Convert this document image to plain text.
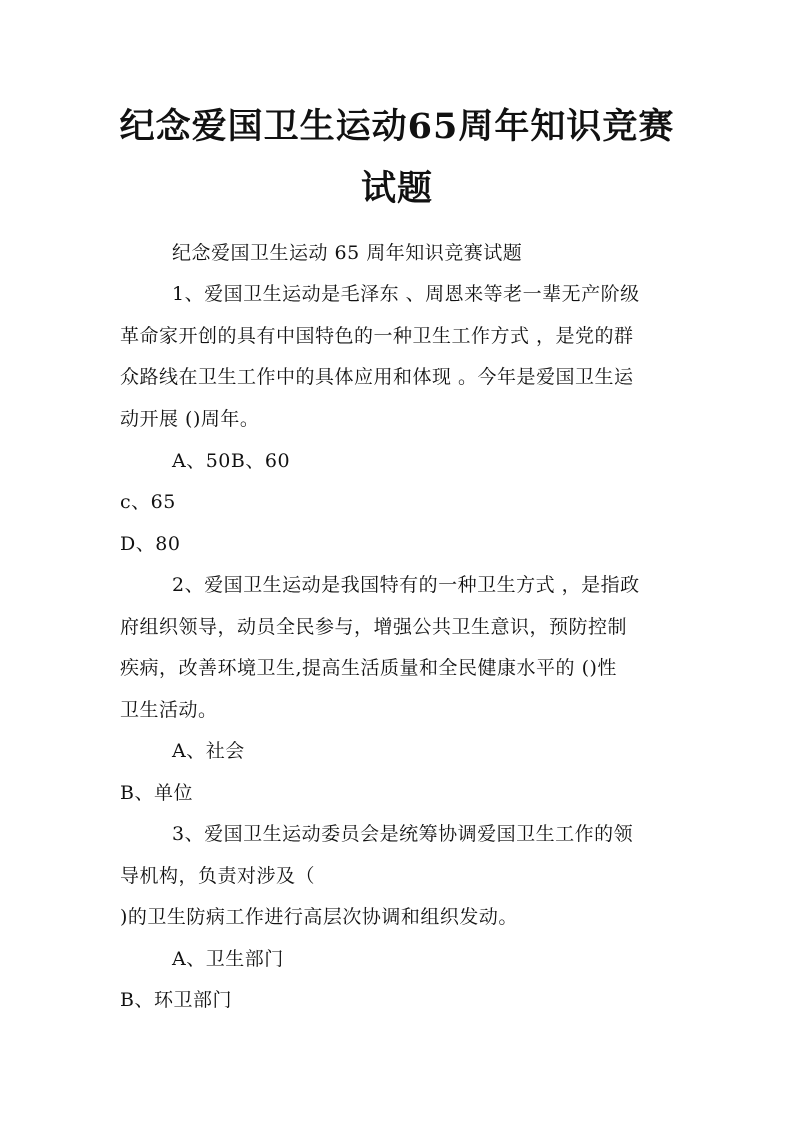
纪念爱国卫生运动65周年知识竞赛
试题

纪念爱国卫生运动 65 周年知识竞赛试题

1、爱国卫生运动是毛泽东 、周恩来等老一辈无产阶级

革命家开创的具有中国特色的一种卫生工作方式 ，是党的群

众路线在卫生工作中的具体应用和体现 。今年是爱国卫生运

动开展 ()周年。

A、50B、60

c、65

D、80

2、爱国卫生运动是我国特有的一种卫生方式 ，是指政

府组织领导，动员全民参与，增强公共卫生意识，预防控制

疾病，改善环境卫生,提高生活质量和全民健康水平的 ()性

卫生活动。

A、社会

B、单位

3、爱国卫生运动委员会是统筹协调爱国卫生工作的领

导机构，负责对涉及（

)的卫生防病工作进行高层次协调和组织发动。

A、卫生部门

B、环卫部门
